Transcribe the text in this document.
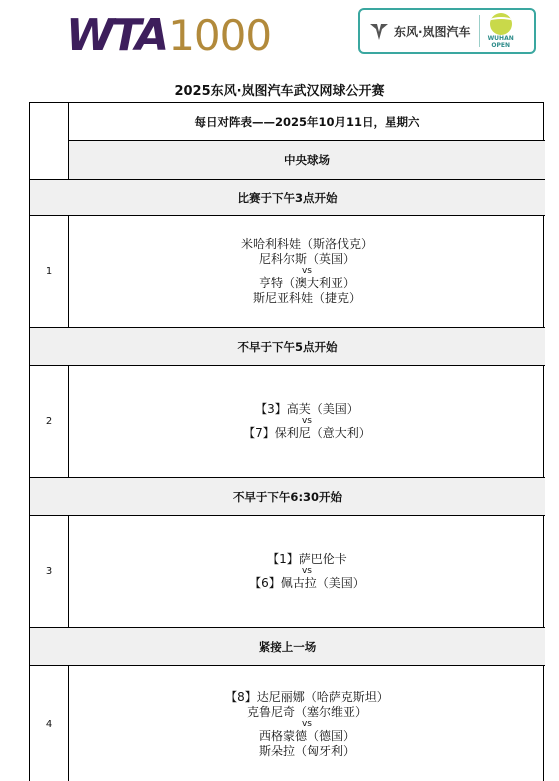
WTA 1000	东风·岚图汽车	WUHAN
OPEN
2025东风·岚图汽车武汉网球公开赛
每日对阵表——2025年10月11日，星期六
中央球场
比赛于下午3点开始
1
米哈利科娃（斯洛伐克）
尼科尔斯（英国）
vs
亨特（澳大利亚）
斯尼亚科娃（捷克）
不早于下午5点开始
2
【3】高芙（美国）
vs
【7】保利尼（意大利）
不早于下午6:30开始
3
【1】萨巴伦卡
vs
【6】佩古拉（美国）
紧接上一场
4
【8】达尼丽娜（哈萨克斯坦）
克鲁尼奇（塞尔维亚）
vs
西格蒙德（德国）
斯朵拉（匈牙利）
